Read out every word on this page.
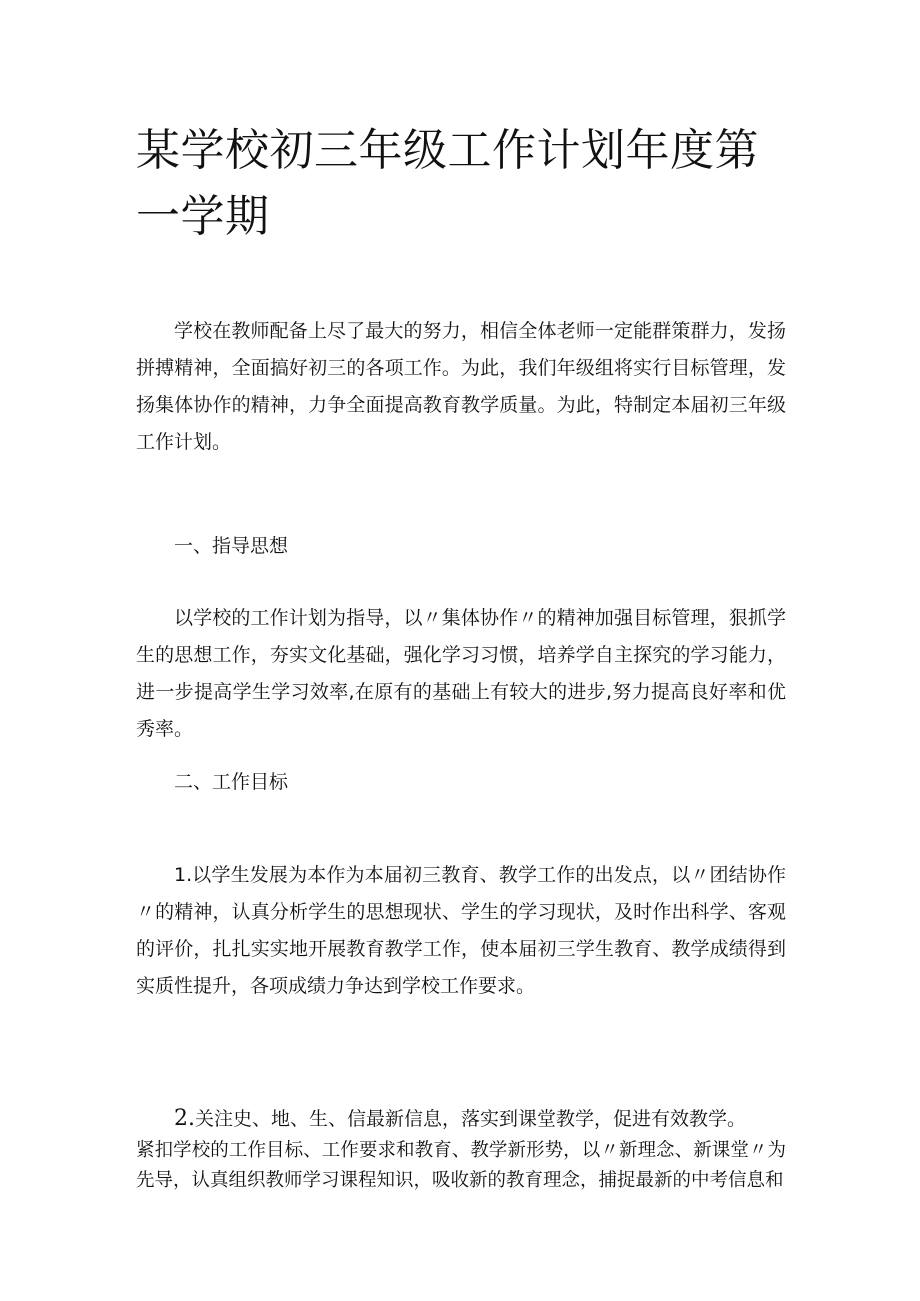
某学校初三年级工作计划年度第一学期

学校在教师配备上尽了最大的努力，相信全体老师一定能群策群力，发扬拼搏精神，全面搞好初三的各项工作。为此，我们年级组将实行目标管理，发扬集体协作的精神，力争全面提高教育教学质量。为此，特制定本届初三年级工作计划。

一、指导思想

以学校的工作计划为指导，以〃集体协作〃的精神加强目标管理，狠抓学生的思想工作，夯实文化基础，强化学习习惯，培养学自主探究的学习能力，进一步提高学生学习效率,在原有的基础上有较大的进步,努力提高良好率和优秀率。

二、工作目标

1.以学生发展为本作为本届初三教育、教学工作的出发点，以〃团结协作〃的精神，认真分析学生的思想现状、学生的学习现状，及时作出科学、客观的评价，扎扎实实地开展教育教学工作，使本届初三学生教育、教学成绩得到实质性提升，各项成绩力争达到学校工作要求。

2.关注史、地、生、信最新信息，落实到课堂教学，促进有效教学。

紧扣学校的工作目标、工作要求和教育、教学新形势，以〃新理念、新课堂〃为先导，认真组织教师学习课程知识，吸收新的教育理念，捕捉最新的中考信息和
